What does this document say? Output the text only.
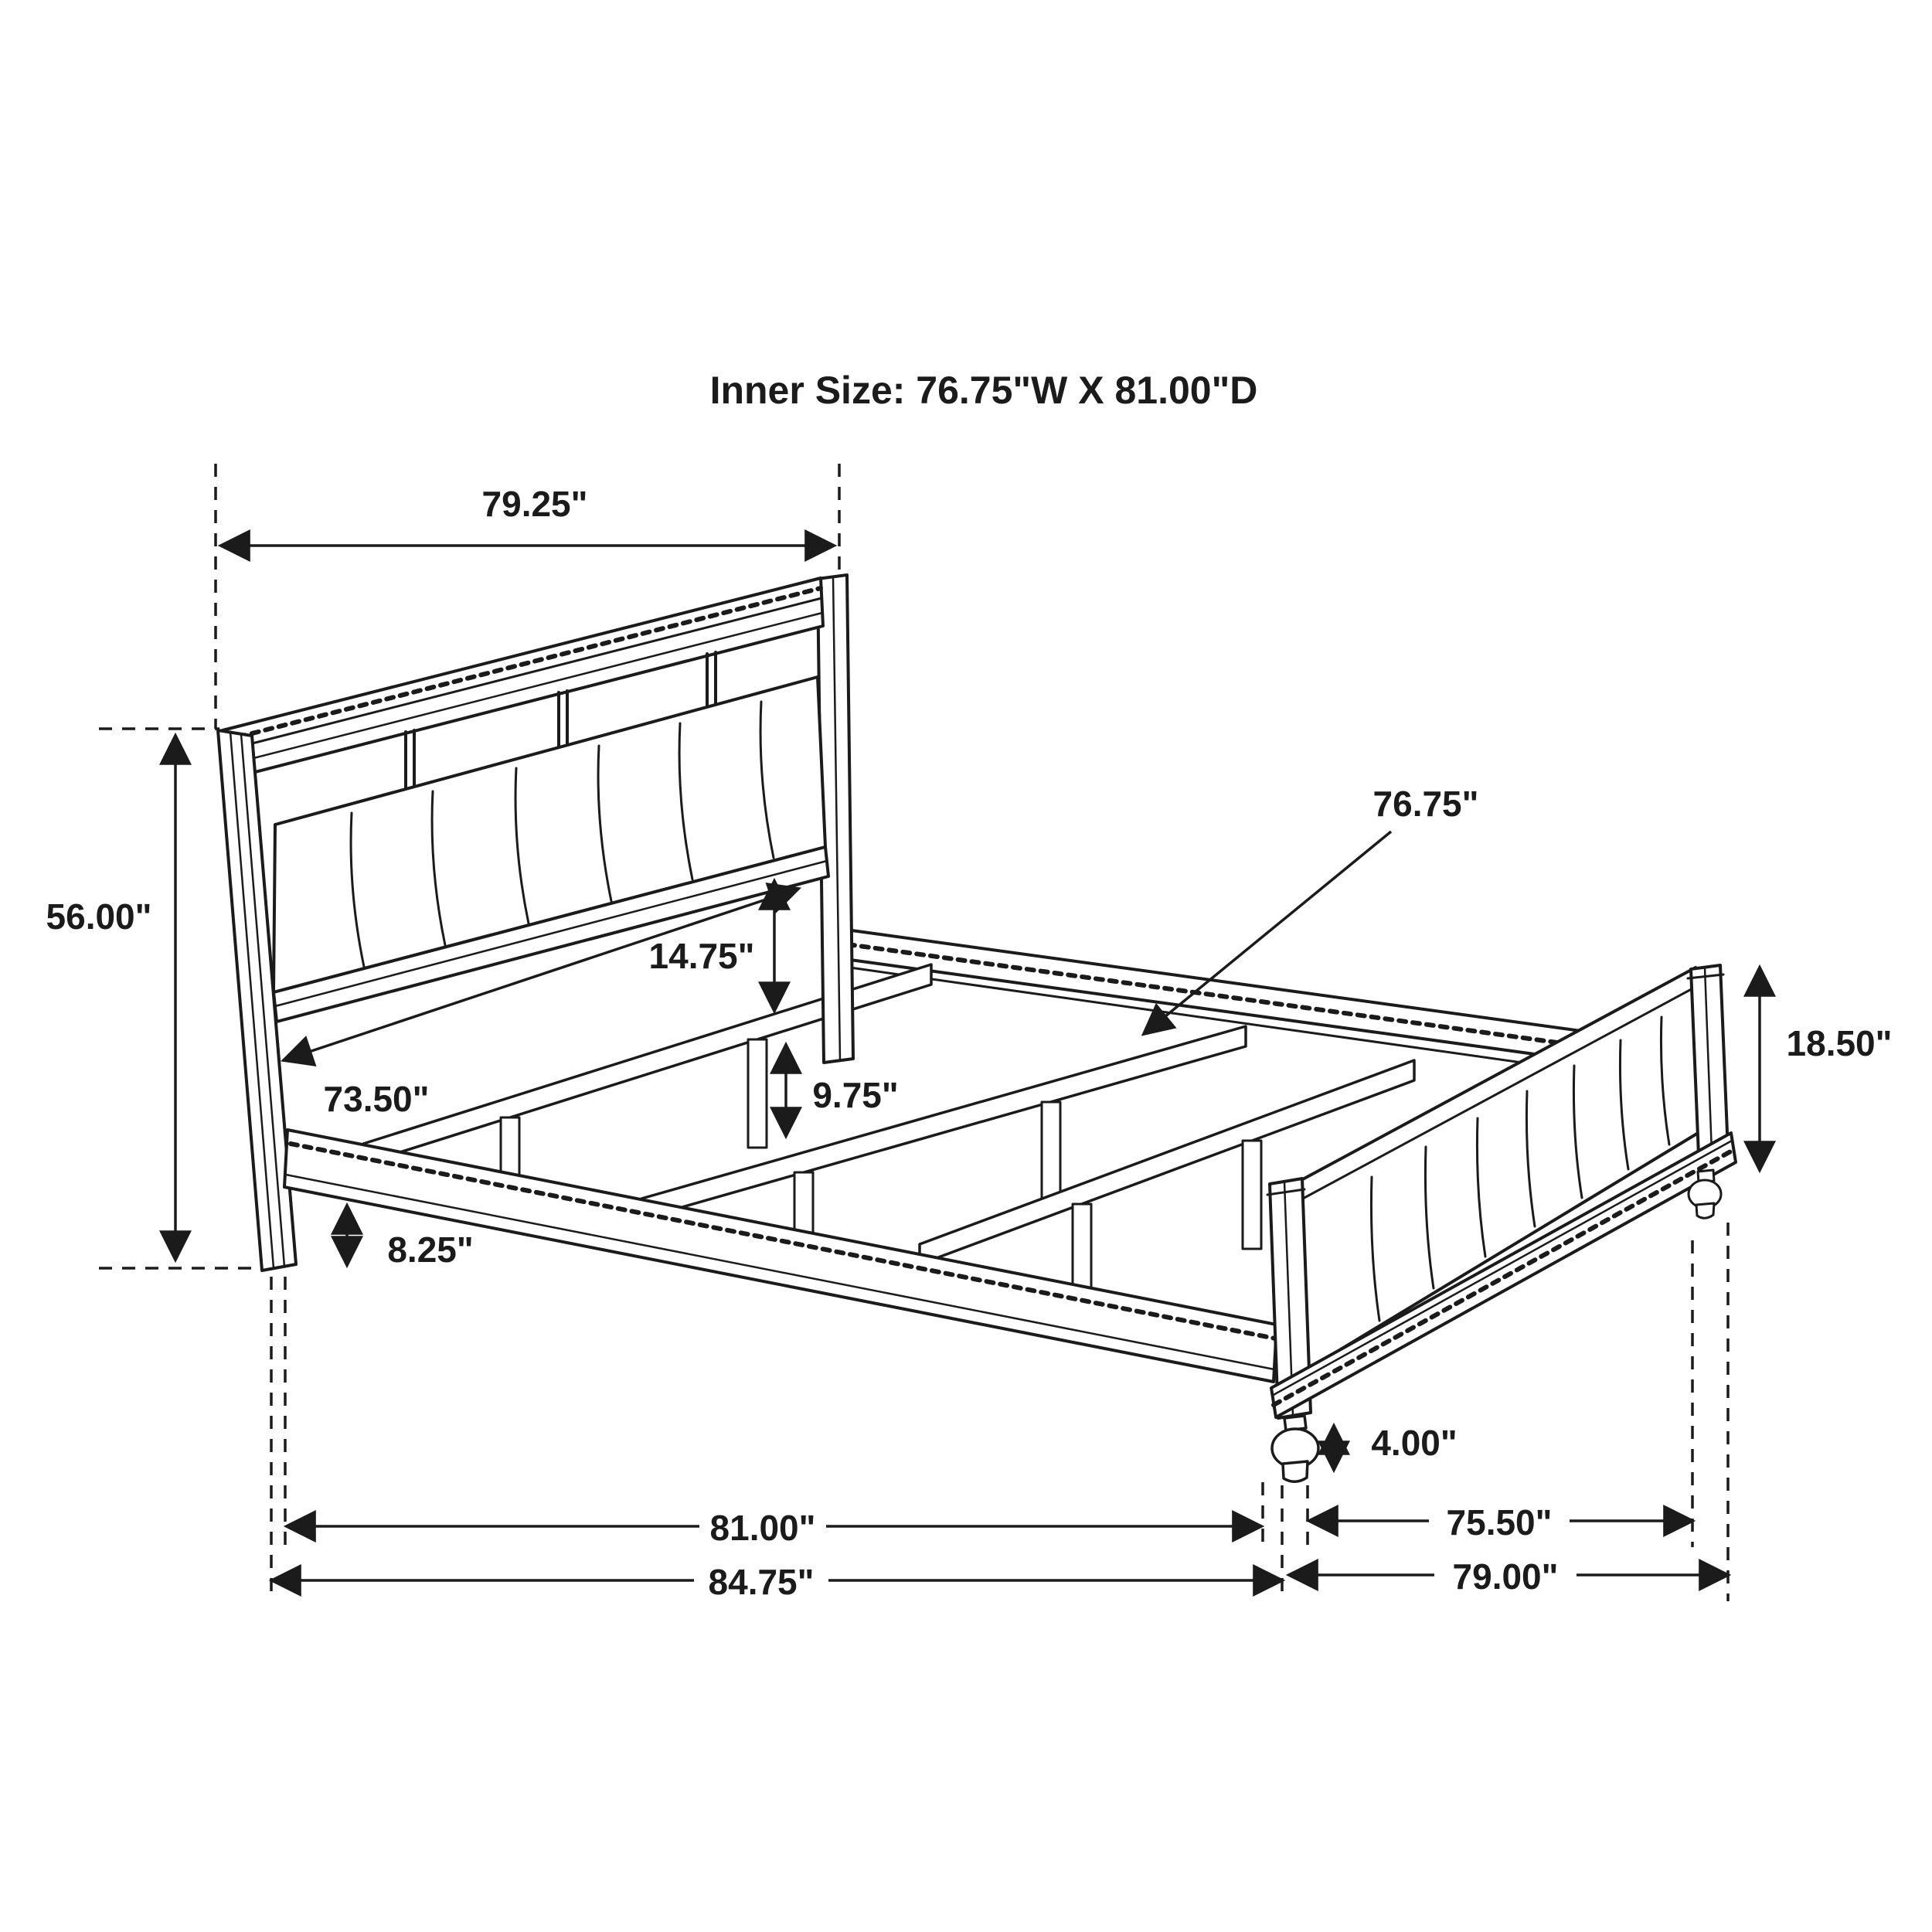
Inner Size: 76.75"W X 81.00"D
79.25"
56.00"
73.50"
14.75"
9.75"
76.75"
18.50"
8.25"
4.00"
81.00"	75.50"
84.75"	79.00"
